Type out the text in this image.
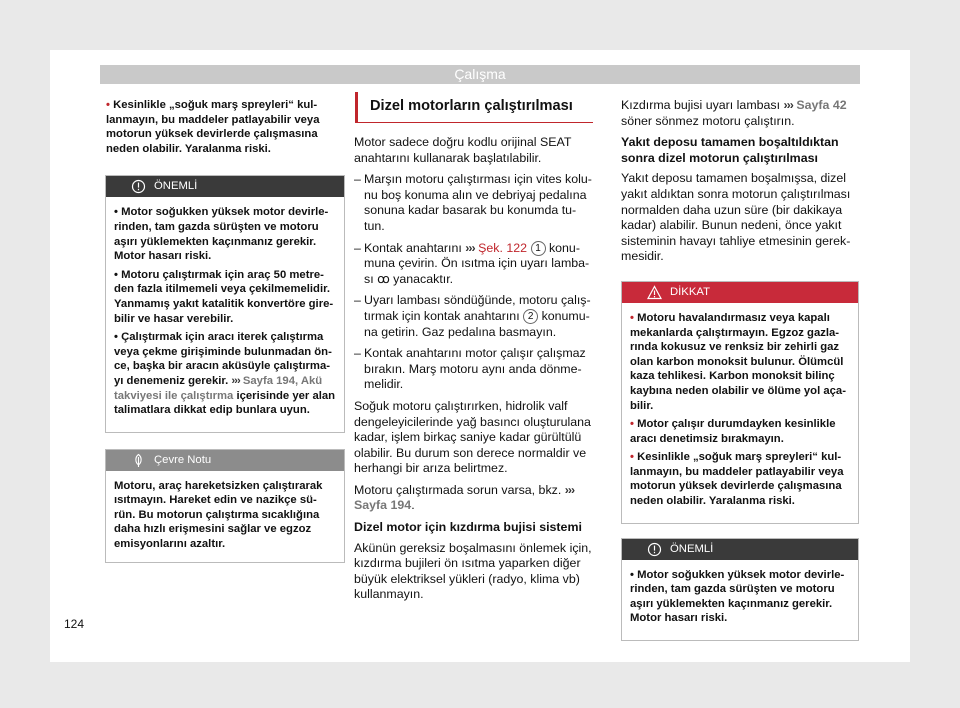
Çalışma
• Kesinlikle „soğuk marş spreyleri“ kul-lanmayın, bu maddeler patlayabilir veya motorun yüksek devirlerde çalışmasına neden olabilir. Yaralanma riski.
ÖNEMLİ

• Motor soğukken yüksek motor devirle-rinden, tam gazda sürüşten ve motoru aşırı yüklemekten kaçınmanız gerekir. Motor hasarı riski.

• Motoru çalıştırmak için araç 50 metre-den fazla itilmemeli veya çekilmemelidir. Yanmamış yakıt katalitik konvertöre gire-bilir ve hasar verebilir.

• Çalıştırmak için aracı iterek çalıştırma veya çekme girişiminde bulunmadan ön-ce, başka bir aracın aküsüyle çalıştırma-yı denemeniz gerekir. ››› Sayfa 194, Akü takviyesi ile çalıştırma içerisinde yer alan talimatlara dikkat edip bunlara uyun.

Çevre Notu
Motoru, araç hareketsizken çalıştırarak ısıtmayın. Hareket edin ve nazikçe sü-rün. Bu motorun çalıştırma sıcaklığına daha hızlı erişmesini sağlar ve egzoz emisyonlarını azaltır.
Dizel motorların çalıştırılması

Motor sadece doğru kodlu orijinal SEAT anahtarını kullanarak başlatılabilir.

– Marşın motoru çalıştırması için vites kolu-nu boş konuma alın ve debriyaj pedalına sonuna kadar basarak bu konumda tu-tun.
– Kontak anahtarını ››› Şek. 122 1 konu-muna çevirin. Ön ısıtma için uyarı lamba-sı ꝏ yanacaktır.
– Uyarı lambası söndüğünde, motoru çalış-tırmak için kontak anahtarını 2 konumu-na getirin. Gaz pedalına basmayın.
– Kontak anahtarını motor çalışır çalışmaz bırakın. Marş motoru aynı anda dönme-melidir.

Soğuk motoru çalıştırırken, hidrolik valf dengeleyicilerinde yağ basıncı oluşturulana kadar, işlem birkaç saniye kadar gürültülü olabilir. Bu durum son derece normaldir ve herhangi bir arıza belirtmez.

Motoru çalıştırmada sorun varsa, bkz. ››› Sayfa 194.

Dizel motor için kızdırma bujisi sistemi

Akünün gereksiz boşalmasını önlemek için, kızdırma bujileri ön ısıtma yaparken diğer büyük elektriksel yükleri (radyo, klima vb) kullanmayın.

Kızdırma bujisi uyarı lambası ››› Sayfa 42 söner sönmez motoru çalıştırın.

Yakıt deposu tamamen boşaltıldıktan sonra dizel motorun çalıştırılması

Yakıt deposu tamamen boşalmışsa, dizel yakıt aldıktan sonra motorun çalıştırılması normalden daha uzun süre (bir dakikaya kadar) alabilir. Bunun nedeni, önce yakıt sisteminin havayı tahliye etmesinin gerek-mesidir.

DİKKAT

• Motoru havalandırmasız veya kapalı mekanlarda çalıştırmayın. Egzoz gazla-rında kokusuz ve renksiz bir zehirli gaz olan karbon monoksit bulunur. Ölümcül kaza tehlikesi. Karbon monoksit bilinç kaybına neden olabilir ve ölüme yol aça-bilir.

• Motor çalışır durumdayken kesinlikle aracı denetimsiz bırakmayın.

• Kesinlikle „soğuk marş spreyleri“ kul-lanmayın, bu maddeler patlayabilir veya motorun yüksek devirlerde çalışmasına neden olabilir. Yaralanma riski.

ÖNEMLİ

• Motor soğukken yüksek motor devirle-rinden, tam gazda sürüşten ve motoru aşırı yüklemekten kaçınmanız gerekir. Motor hasarı riski.

124
